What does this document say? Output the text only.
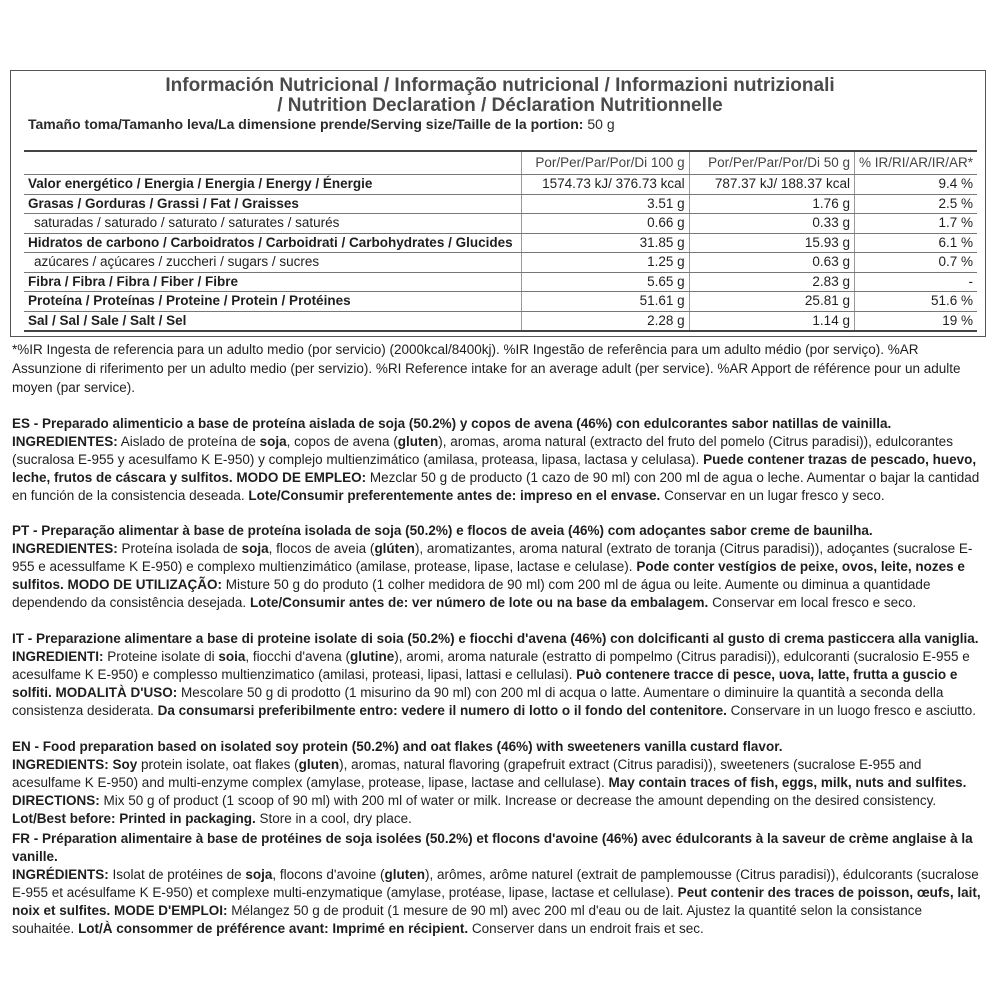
Información Nutricional / Informação nutricional / Informazioni nutrizionali
/ Nutrition Declaration / Déclaration Nutritionnelle
Tamaño toma/Tamanho leva/La dimensione prende/Serving size/Taille de la portion: 50 g
	Por/Per/Par/Por/Di 100 g	Por/Per/Par/Por/Di 50 g	% IR/RI/AR/IR/AR*
Valor energético / Energia / Energia / Energy / Énergie	1574.73 kJ/ 376.73 kcal	787.37 kJ/ 188.37 kcal	9.4 %
Grasas / Gorduras / Grassi / Fat / Graisses	3.51 g	1.76 g	2.5 %
saturadas / saturado / saturato / saturates / saturés	0.66 g	0.33 g	1.7 %
Hidratos de carbono / Carboidratos / Carboidrati / Carbohydrates / Glucides	31.85 g	15.93 g	6.1 %
azúcares / açúcares / zuccheri / sugars / sucres	1.25 g	0.63 g	0.7 %
Fibra / Fibra / Fibra / Fiber / Fibre	5.65 g	2.83 g	-
Proteína / Proteínas / Proteine / Protein / Protéines	51.61 g	25.81 g	51.6 %
Sal / Sal / Sale / Salt / Sel	2.28 g	1.14 g	19 %
*%IR Ingesta de referencia para un adulto medio (por servicio) (2000kcal/8400kj). %IR Ingestão de referência para um adulto médio (por serviço). %AR Assunzione di riferimento per un adulto medio (per servizio). %RI Reference intake for an average adult (per service). %AR Apport de référence pour un adulte moyen (par service).

ES - Preparado alimenticio a base de proteína aislada de soja (50.2%) y copos de avena (46%) con edulcorantes sabor natillas de vainilla.

INGREDIENTES: Aislado de proteína de soja, copos de avena (gluten), aromas, aroma natural (extracto del fruto del pomelo (Citrus paradisi)), edulcorantes (sucralosa E-955 y acesulfamo K E-950) y complejo multienzimático (amilasa, proteasa, lipasa, lactasa y celulasa). Puede contener trazas de pescado, huevo, leche, frutos de cáscara y sulfitos. MODO DE EMPLEO: Mezclar 50 g de producto (1 cazo de 90 ml) con 200 ml de agua o leche. Aumentar o bajar la cantidad en función de la consistencia deseada. Lote/Consumir preferentemente antes de: impreso en el envase. Conservar en un lugar fresco y seco.

PT - Preparação alimentar à base de proteína isolada de soja (50.2%) e flocos de aveia (46%) com adoçantes sabor creme de baunilha.

INGREDIENTES: Proteína isolada de soja, flocos de aveia (glúten), aromatizantes, aroma natural (extrato de toranja (Citrus paradisi)), adoçantes (sucralose E-955 e acessulfame K E-950) e complexo multienzimático (amilase, protease, lipase, lactase e celulase). Pode conter vestígios de peixe, ovos, leite, nozes e sulfitos. MODO DE UTILIZAÇÃO: Misture 50 g do produto (1 colher medidora de 90 ml) com 200 ml de água ou leite. Aumente ou diminua a quantidade dependendo da consistência desejada. Lote/Consumir antes de: ver número de lote ou na base da embalagem. Conservar em local fresco e seco.

IT - Preparazione alimentare a base di proteine isolate di soia (50.2%) e fiocchi d'avena (46%) con dolcificanti al gusto di crema pasticcera alla vaniglia.

INGREDIENTI: Proteine isolate di soia, fiocchi d'avena (glutine), aromi, aroma naturale (estratto di pompelmo (Citrus paradisi)), edulcoranti (sucralosio E-955 e acesulfame K E-950) e complesso multienzimatico (amilasi, proteasi, lipasi, lattasi e cellulasi). Può contenere tracce di pesce, uova, latte, frutta a guscio e solfiti. MODALITÀ D'USO: Mescolare 50 g di prodotto (1 misurino da 90 ml) con 200 ml di acqua o latte. Aumentare o diminuire la quantità a seconda della consistenza desiderata. Da consumarsi preferibilmente entro: vedere il numero di lotto o il fondo del contenitore. Conservare in un luogo fresco e asciutto.

EN - Food preparation based on isolated soy protein (50.2%) and oat flakes (46%) with sweeteners vanilla custard flavor.

INGREDIENTS: Soy protein isolate, oat flakes (gluten), aromas, natural flavoring (grapefruit extract (Citrus paradisi)), sweeteners (sucralose E-955 and acesulfame K E-950) and multi-enzyme complex (amylase, protease, lipase, lactase and cellulase). May contain traces of fish, eggs, milk, nuts and sulfites. DIRECTIONS: Mix 50 g of product (1 scoop of 90 ml) with 200 ml of water or milk. Increase or decrease the amount depending on the desired consistency. Lot/Best before: Printed in packaging. Store in a cool, dry place.

FR - Préparation alimentaire à base de protéines de soja isolées (50.2%) et flocons d'avoine (46%) avec édulcorants à la saveur de crème anglaise à la vanille.

INGRÉDIENTS: Isolat de protéines de soja, flocons d'avoine (gluten), arômes, arôme naturel (extrait de pamplemousse (Citrus paradisi)), édulcorants (sucralose E-955 et acésulfame K E-950) et complexe multi-enzymatique (amylase, protéase, lipase, lactase et cellulase). Peut contenir des traces de poisson, œufs, lait, noix et sulfites. MODE D'EMPLOI: Mélangez 50 g de produit (1 mesure de 90 ml) avec 200 ml d'eau ou de lait. Ajustez la quantité selon la consistance souhaitée. Lot/À consommer de préférence avant: Imprimé en récipient. Conserver dans un endroit frais et sec.
